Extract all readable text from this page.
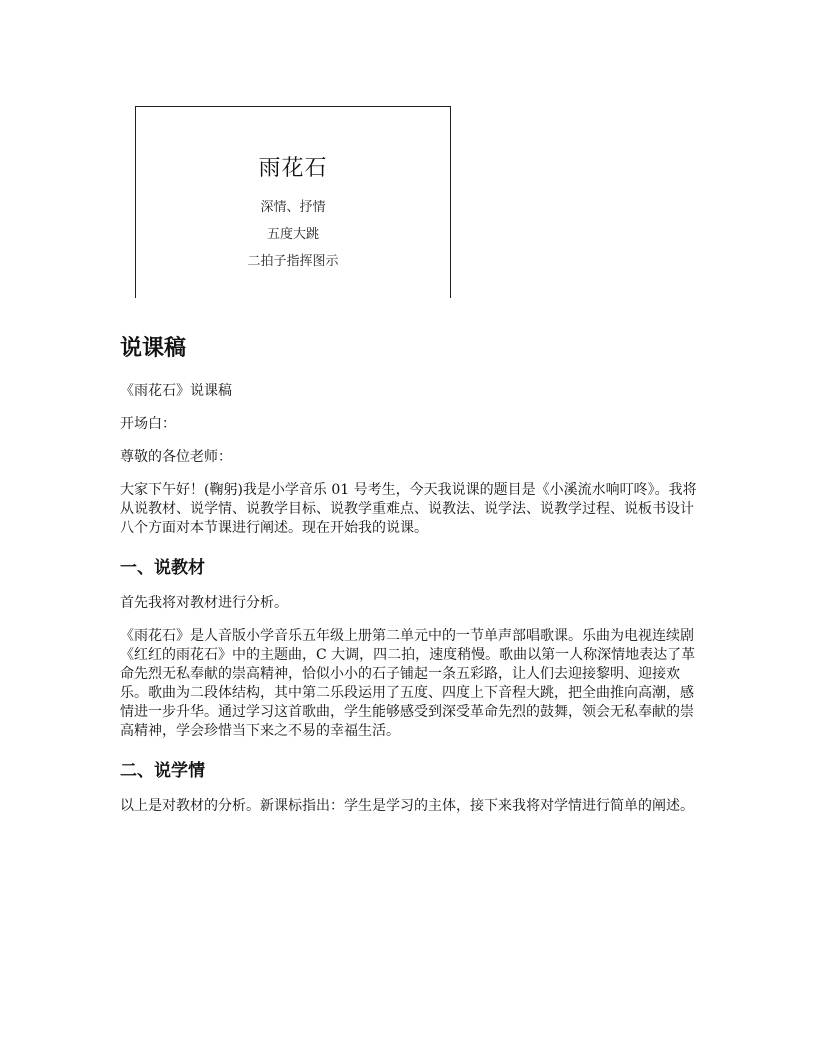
雨花石
深情、抒情
五度大跳
二拍子指挥图示
说课稿

《雨花石》说课稿

开场白：

尊敬的各位老师：

大家下午好！(鞠躬)我是小学音乐 01 号考生，今天我说课的题目是《小溪流水响叮咚》。我将从说教材、说学情、说教学目标、说教学重难点、说教法、说学法、说教学过程、说板书设计八个方面对本节课进行阐述。现在开始我的说课。

一、说教材

首先我将对教材进行分析。

《雨花石》是人音版小学音乐五年级上册第二单元中的一节单声部唱歌课。乐曲为电视连续剧《红红的雨花石》中的主题曲，C 大调，四二拍，速度稍慢。歌曲以第一人称深情地表达了革命先烈无私奉献的崇高精神，恰似小小的石子铺起一条五彩路，让人们去迎接黎明、迎接欢乐。歌曲为二段体结构，其中第二乐段运用了五度、四度上下音程大跳，把全曲推向高潮，感情进一步升华。通过学习这首歌曲，学生能够感受到深受革命先烈的鼓舞，领会无私奉献的崇高精神，学会珍惜当下来之不易的幸福生活。

二、说学情

以上是对教材的分析。新课标指出：学生是学习的主体，接下来我将对学情进行简单的阐述。
